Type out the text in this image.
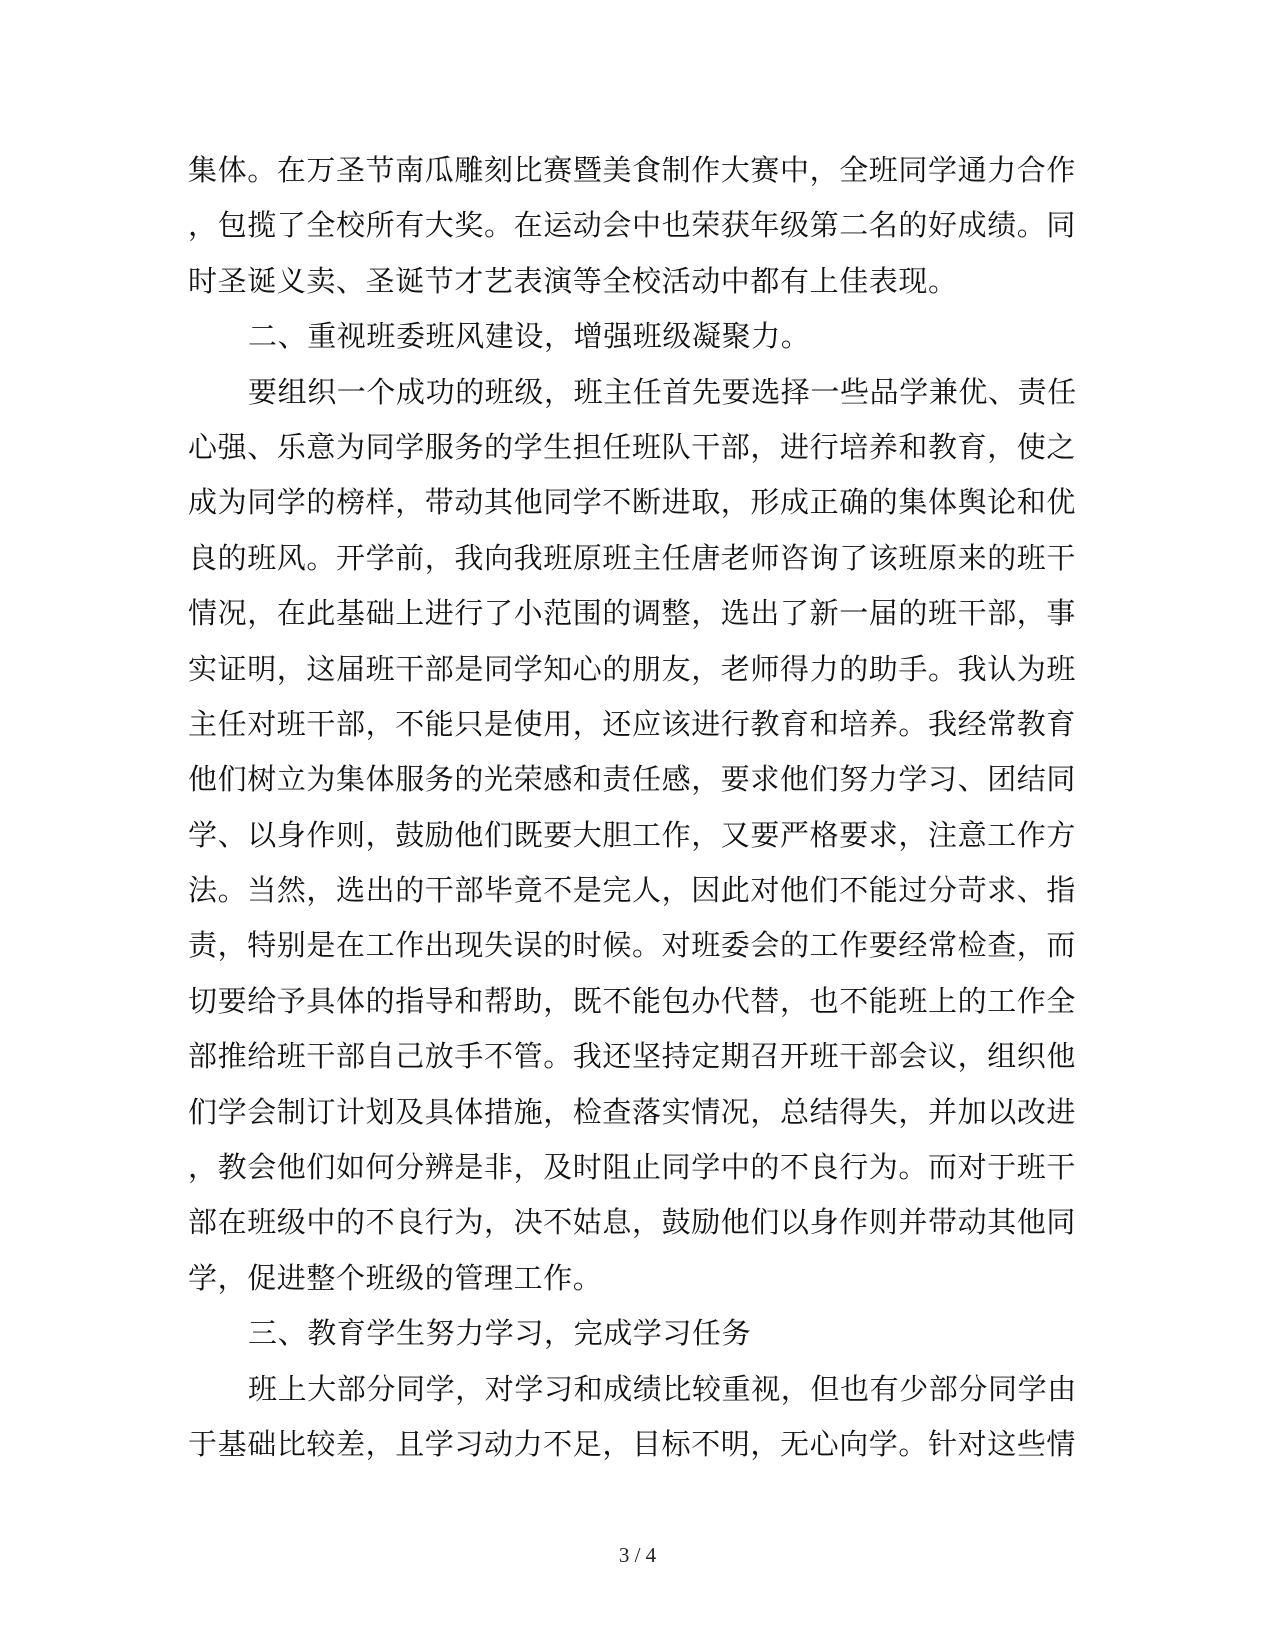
集体。在万圣节南瓜雕刻比赛暨美食制作大赛中，全班同学通力合作
，包揽了全校所有大奖。在运动会中也荣获年级第二名的好成绩。同
时圣诞义卖、圣诞节才艺表演等全校活动中都有上佳表现。
二、重视班委班风建设，增强班级凝聚力。
要组织一个成功的班级，班主任首先要选择一些品学兼优、责任
心强、乐意为同学服务的学生担任班队干部，进行培养和教育，使之
成为同学的榜样，带动其他同学不断进取，形成正确的集体舆论和优
良的班风。开学前，我向我班原班主任唐老师咨询了该班原来的班干
情况，在此基础上进行了小范围的调整，选出了新一届的班干部，事
实证明，这届班干部是同学知心的朋友，老师得力的助手。我认为班
主任对班干部，不能只是使用，还应该进行教育和培养。我经常教育
他们树立为集体服务的光荣感和责任感，要求他们努力学习、团结同
学、以身作则，鼓励他们既要大胆工作，又要严格要求，注意工作方
法。当然，选出的干部毕竟不是完人，因此对他们不能过分苛求、指
责，特别是在工作出现失误的时候。对班委会的工作要经常检查，而
切要给予具体的指导和帮助，既不能包办代替，也不能班上的工作全
部推给班干部自己放手不管。我还坚持定期召开班干部会议，组织他
们学会制订计划及具体措施，检查落实情况，总结得失，并加以改进
，教会他们如何分辨是非，及时阻止同学中的不良行为。而对于班干
部在班级中的不良行为，决不姑息，鼓励他们以身作则并带动其他同
学，促进整个班级的管理工作。
三、教育学生努力学习，完成学习任务
班上大部分同学，对学习和成绩比较重视，但也有少部分同学由
于基础比较差，且学习动力不足，目标不明，无心向学。针对这些情
3 / 4
